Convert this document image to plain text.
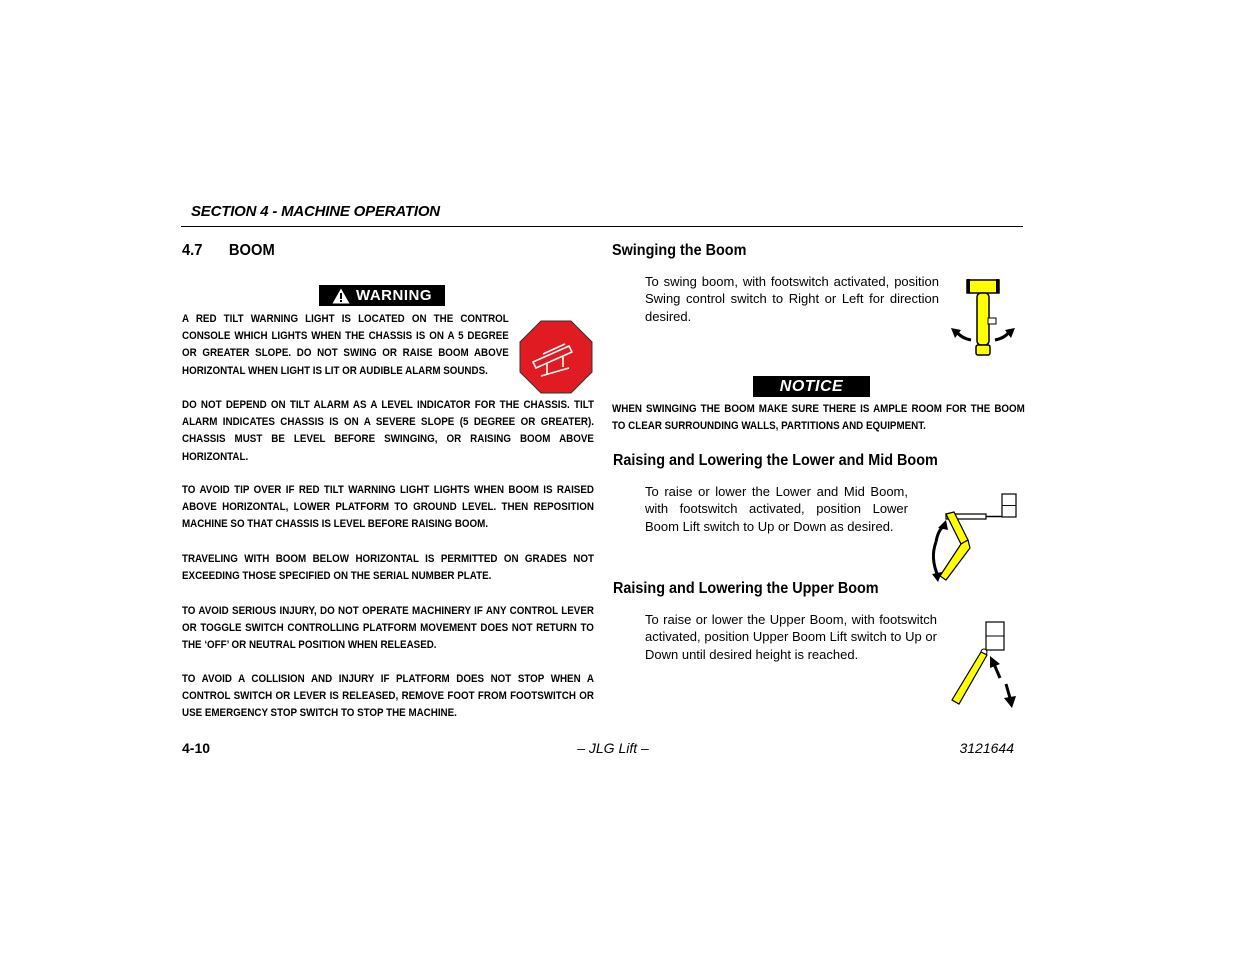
SECTION 4 - MACHINE OPERATION
4.7 BOOM
WARNING
A RED TILT WARNING LIGHT IS LOCATED ON THE CONTROL CONSOLE WHICH LIGHTS WHEN THE CHASSIS IS ON A 5 DEGREE OR GREATER SLOPE. DO NOT SWING OR RAISE BOOM ABOVE HORIZONTAL WHEN LIGHT IS LIT OR AUDIBLE ALARM SOUNDS.
DO NOT DEPEND ON TILT ALARM AS A LEVEL INDICATOR FOR THE CHASSIS. TILT ALARM INDICATES CHASSIS IS ON A SEVERE SLOPE (5 DEGREE OR GREATER). CHASSIS MUST BE LEVEL BEFORE SWINGING, OR RAISING BOOM ABOVE HORIZONTAL.
TO AVOID TIP OVER IF RED TILT WARNING LIGHT LIGHTS WHEN BOOM IS RAISED ABOVE HORIZONTAL, LOWER PLATFORM TO GROUND LEVEL. THEN REPOSITION MACHINE SO THAT CHASSIS IS LEVEL BEFORE RAISING BOOM.
TRAVELING WITH BOOM BELOW HORIZONTAL IS PERMITTED ON GRADES NOT EXCEEDING THOSE SPECIFIED ON THE SERIAL NUMBER PLATE.
TO AVOID SERIOUS INJURY, DO NOT OPERATE MACHINERY IF ANY CONTROL LEVER OR TOGGLE SWITCH CONTROLLING PLATFORM MOVEMENT DOES NOT RETURN TO THE ‘OFF’ OR NEUTRAL POSITION WHEN RELEASED.
TO AVOID A COLLISION AND INJURY IF PLATFORM DOES NOT STOP WHEN A CONTROL SWITCH OR LEVER IS RELEASED, REMOVE FOOT FROM FOOTSWITCH OR USE EMERGENCY STOP SWITCH TO STOP THE MACHINE.
Swinging the Boom
To swing boom, with footswitch activated, position Swing control switch to Right or Left for direction desired.
NOTICE
WHEN SWINGING THE BOOM MAKE SURE THERE IS AMPLE ROOM FOR THE BOOM TO CLEAR SURROUNDING WALLS, PARTITIONS AND EQUIPMENT.
Raising and Lowering the Lower and Mid Boom
To raise or lower the Lower and Mid Boom, with footswitch activated, position Lower Boom Lift switch to Up or Down as desired.
Raising and Lowering the Upper Boom
To raise or lower the Upper Boom, with footswitch activated, position Upper Boom Lift switch to Up or Down until desired height is reached.
4-10	– JLG Lift –	3121644
